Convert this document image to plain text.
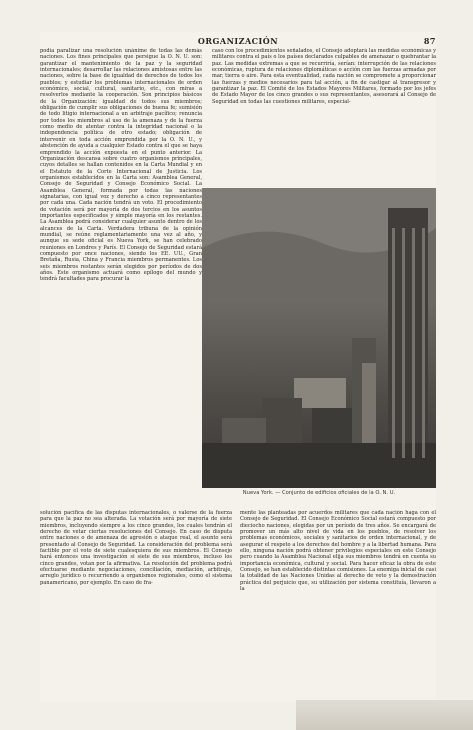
ORGANIZACIÓN	87
podía paralizar una resolución unánime de todas las demás naciones. Los fines principales que persigue la O. N. U. son: garantizar el mantenimiento de la paz y la seguridad internacionales; desarrollar las relaciones amistosas entre las naciones, sobre la base de igualdad de derechos de todos los pueblos; y estudiar los problemas internacionales de orden económico, social, cultural, sanitario, etc., con miras a resolverlos mediante la cooperación. Son principios básicos de la Organización: igualdad de todos sus miembros; obligación de cumplir sus obligaciones de buena fe; sumisión de todo litigio internacional a un arbitraje pacífico; renuncia por todos los miembros al uso de la amenaza y de la fuerza como medio de atentar contra la integridad nacional o la independencia política de otro estado; obligación de intervenir en toda acción emprendida por la O. N. U., y abstención de ayuda a cualquier Estado contra el que se haya emprendido la acción expuesta en el punto anterior. La Organización descansa sobre cuatro organismos principales, cuyos detalles se hallan contenidos en la Carta Mundial y en el Estatuto de la Corte Internacional de Justicia. Los organismos establecidos en la Carta son: Asamblea General, Consejo de Seguridad y Consejo Económico Social. La Asamblea General, formada por todas las naciones signatarias, con igual voz y derecho a cinco representantes por cada una. Cada nación tendrá un voto. El procedimiento de votación será por mayoría de dos tercios en los asuntos importantes especificados y simple mayoría en los restantes. La Asamblea podrá considerar cualquier asunto dentro de los alcances de la Carta. Verdadera tribuna de la opinión mundial, se reúne reglamentariamente una vez al año, y aunque su sede oficial es Nueva York, se han celebrado reuniones en Londres y París. El Consejo de Seguridad estará compuesto por once naciones, siendo los EE. UU., Gran Bretaña, Rusia, China y Francia miembros permanentes. Los seis miembros restantes serán elegidos por períodos de dos años. Este organismo actuará como epílogo del mundo y tendrá facultades para procurar la
caso con los procedimientos señalados, el Consejo adoptará las medidas económicas y militares contra el país o los países declarados culpables de amenazar o quebrantar la paz. Las medidas extremas a que se recurriría, serían: interrupción de las relaciones económicas, ruptura de relaciones diplomáticas o acción con las fuerzas armadas por mar, tierra o aire. Para esta eventualidad, cada nación se compromete a proporcionar las fuerzas y medios necesarios para tal acción, a fin de castigar al transgresor y garantizar la paz. El Comité de los Estados Mayores Militares, formado por los jefes de Estado Mayor de los cinco grandes o sus representantes, asesorará al Consejo de Seguridad en todas las cuestiones militares, especial-
Nueva York. — Conjunto de edificios oficiales de la O. N. U.
solución pacífica de las disputas internacionales, o valerse de la fuerza para que la paz no sea alterada. La votación será por mayoría de siete miembros, incluyendo siempre a los cinco grandes, los cuales tendrán el derecho de vetar ciertas resoluciones del Consejo. En caso de disputa entre naciones o de amenaza de agresión o ataque real, el asunto será presentado al Consejo de Seguridad. La consideración del problema será factible por el voto de siete cualesquiera de sus miembros. El Consejo hará entonces una investigación si siete de sus miembros, incluso los cinco grandes, votan por la afirmativa. La resolución del problema podrá efectuarse mediante negociaciones, conciliación, mediación, arbitraje, arreglo jurídico o recurriendo a organismos regionales, como el sistema panamericano, por ejemplo. En caso de fra-
mente las planteadas por acuerdos militares que cada nación haga con el Consejo de Seguridad. El Consejo Económico Social estará compuesto por dieciocho naciones, elegidas por un período de tres años. Se encargará de promover un más alto nivel de vida en los pueblos, de resolver los problemas económicos, sociales y sanitarios de orden internacional, y de asegurar el respeto a los derechos del hombre y a la libertad humana. Para ello, ninguna nación podrá obtener privilegios especiales en este Consejo pero cuando la Asamblea Nacional elija sus miembros tendrá en cuenta su importancia económica, cultural y social. Para hacer eficaz la obra de este Consejo, se han establecido distintas comisiones. La enemiga inicial de casi la totalidad de las Naciones Unidas al derecho de veto y la demostración práctica del perjuicio que, su utilización por sistema constituía, llevaron a la
